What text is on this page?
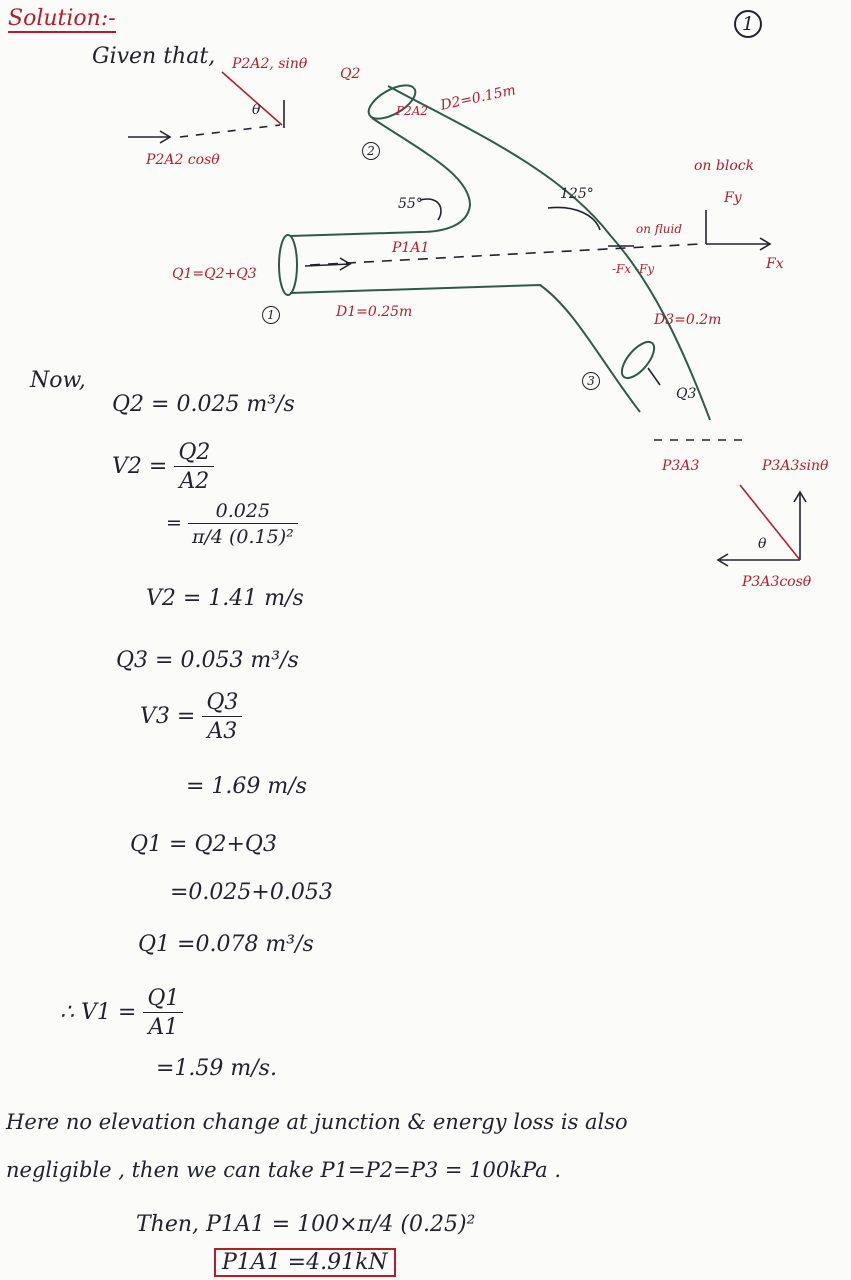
Solution:-	1
Given that, P2A2, sinθ
θ
P2A2 cosθ
Q2
P2A2 D2=0.15m
2
55°
125°
P1A1
Q1=Q2+Q3
1	D1=0.25m
on fluid
-Fx -Fy
on block
Fy
Fx
D3=0.2m
3
Q3
P3A3	P3A3sinθ
θ
P3A3cosθ
Now,
Q2 = 0.025 m³/s
$V2 = \frac{Q2}{A2}$
= $\frac{0.025}{\text{π/4 (0.15)²}}$
V2 = 1.41 m/s
Q3 = 0.053 m³/s
$V3 = \frac{Q3}{A3}$
= 1.69 m/s
Q1 = Q2+Q3
=0.025+0.053
Q1 =0.078 m³/s
∴ $V1 = \frac{Q1}{A1}$
=1.59 m/s.
Here no elevation change at junction & energy loss is also
negligible , then we can take P1=P2=P3 = 100kPa .
Then, P1A1 = 100×π/4 (0.25)²
P1A1 =4.91kN
